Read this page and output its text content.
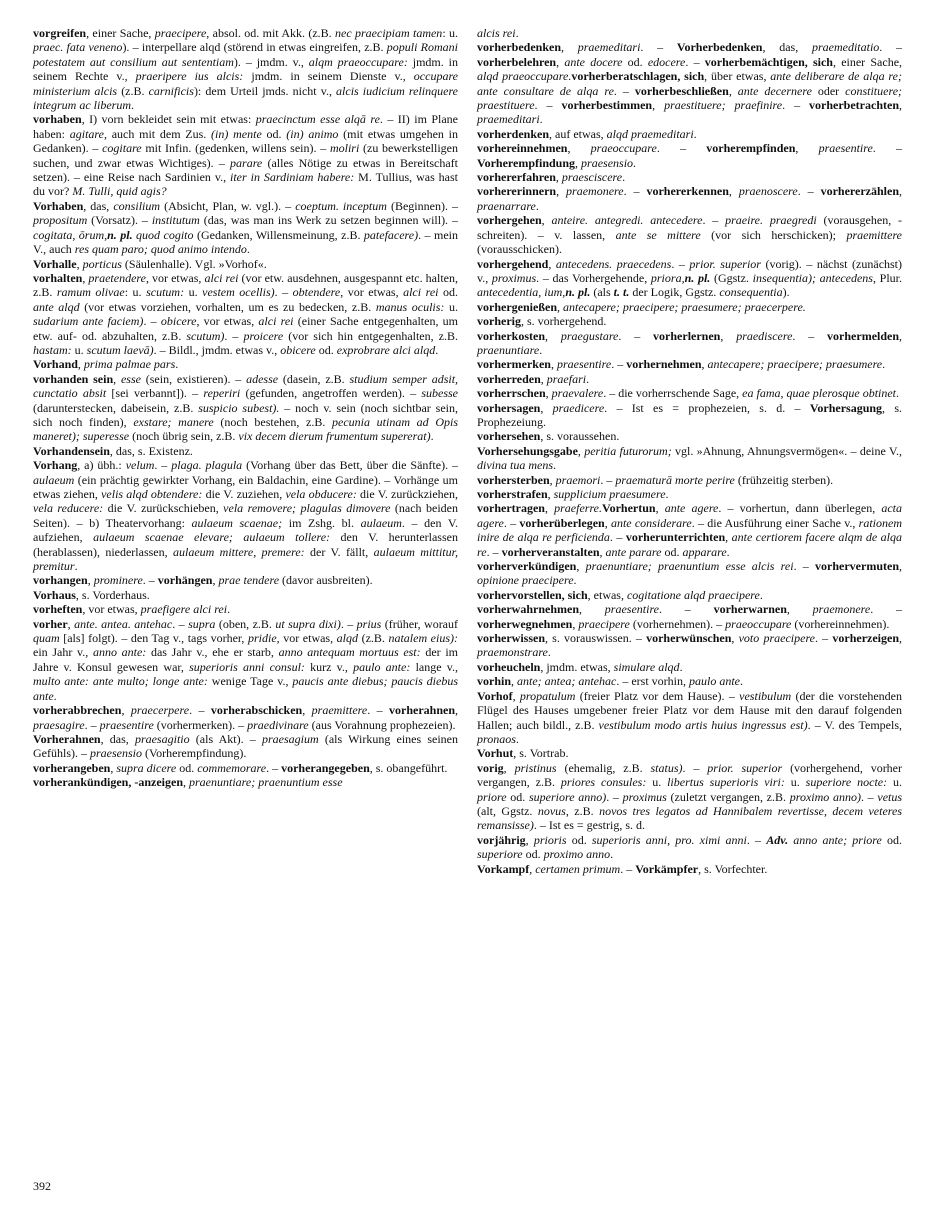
vorgreifen, einer Sache, praecipere, absol. od. mit Akk. (z.B. nec praecipiam tamen: u. praec. fata veneno). – interpellare alqd (störend in etwas eingreifen, z.B. populi Romani potestatem aut consilium aut sententiam). – jmdm. v., alqm praeoccupare: jmdm. in seinem Rechte v., praeripere ius alcis: jmdm. in seinem Dienste v., occupare ministerium alcis (z.B. carnificis): dem Urteil jmds. nicht v., alcis iudicium relinquere integrum ac liberum.

vorhaben, I) vorn bekleidet sein mit etwas: praecinctum esse alqā re. – II) im Plane haben: agitare, auch mit dem Zus. (in) mente od. (in) animo (mit etwas umgehen in Gedanken). – cogitare mit Infin. (gedenken, willens sein). – moliri (zu bewerkstelligen suchen, und zwar etwas Wichtiges). – parare (alles Nötige zu etwas in Bereitschaft setzen). – eine Reise nach Sardinien v., iter in Sardiniam habere: M. Tullius, was hast du vor? M. Tulli, quid agis?

Vorhaben, das, consilium (Absicht, Plan, w. vgl.). – coeptum. inceptum (Beginnen). – propositum (Vorsatz). – institutum (das, was man ins Werk zu setzen beginnen will). – cogitata, ōrum,n. pl. quod cogito (Gedanken, Willensmeinung, z.B. patefacere). – mein V., auch res quam paro; quod animo intendo.

Vorhalle, porticus (Säulenhalle). Vgl. »Vorhof«.

vorhalten, praetendere, vor etwas, alci rei (vor etw. ausdehnen, ausgespannt etc. halten, z.B. ramum olivae: u. scutum: u. vestem ocellis). – obtendere, vor etwas, alci rei od. ante alqd (vor etwas vorziehen, vorhalten, um es zu bedecken, z.B. manus oculis: u. sudarium ante faciem). – obicere, vor etwas, alci rei (einer Sache entgegenhalten, um etw. auf- od. abzuhalten, z.B. scutum). – proicere (vor sich hin entgegenhalten, z.B. hastam: u. scutum laevā). – Bildl., jmdm. etwas v., obicere od. exprobrare alci alqd.

Vorhand, prima palmae pars.

vorhanden sein, esse (sein, existieren). – adesse (dasein, z.B. studium semper adsit, cunctatio absit [sei verbannt]). – reperiri (gefunden, angetroffen werden). – subesse (darunterstecken, dabeisein, z.B. suspicio subest). – noch v. sein (noch sichtbar sein, sich noch finden), exstare; manere (noch bestehen, z.B. pecunia utinam ad Opis maneret); superesse (noch übrig sein, z.B. vix decem dierum frumentum supererat).

Vorhandensein, das, s. Existenz.

Vorhang, a) übh.: velum. – plaga. plagula (Vorhang über das Bett, über die Sänfte). – aulaeum (ein prächtig gewirkter Vorhang, ein Baldachin, eine Gardine). – Vorhänge um etwas ziehen, velis alqd obtendere: die V. zuziehen, vela obducere: die V. zurückziehen, vela reducere: die V. zurückschieben, vela removere; plagulas dimovere (nach beiden Seiten). – b) Theatervorhang: aulaeum scaenae; im Zshg. bl. aulaeum. – den V. aufziehen, aulaeum scaenae elevare; aulaeum tollere: den V. herunterlassen (herablassen), niederlassen, aulaeum mittere, premere: der V. fällt, aulaeum mittitur, premitur.

vorhangen, prominere. – vorhängen, prae tendere (davor ausbreiten).

Vorhaus, s. Vorderhaus.

vorheften, vor etwas, praefigere alci rei.

vorher, ante. antea. antehac. – supra (oben, z.B. ut supra dixi). – prius (früher, worauf quam [als] folgt). – den Tag v., tags vorher, pridie, vor etwas, alqd (z.B. natalem eius): ein Jahr v., anno ante: das Jahr v., ehe er starb, anno antequam mortuus est: der im Jahre v. Konsul gewesen war, superioris anni consul: kurz v., paulo ante: lange v., multo ante: ante multo; longe ante: wenige Tage v., paucis ante diebus; paucis diebus ante.

vorherabbrechen, praecerpere. – vorherabschicken, praemittere. – vorherahnen, praesagire. – praesentire (vorhermerken). – praedivinare (aus Vorahnung prophezeien).

Vorherahnen, das, praesagitio (als Akt). – praesagium (als Wirkung eines seinen Gefühls). – praesensio (Vorherempfindung).

vorherangeben, supra dicere od. commemorare. – vorherangegeben, s. obangeführt.

vorherankündigen, -anzeigen, praenuntiare; praenuntium esse

alcis rei.

vorherbedenken, praemeditari. – Vorherbedenken, das, praemeditatio. – vorherbelehren, ante docere od. edocere. – vorherbemächtigen, sich, einer Sache, alqd praeoccupare.vorherberatschlagen, sich, über etwas, ante deliberare de alqa re; ante consultare de alqa re. – vorherbeschließen, ante decernere oder constituere; praestituere. – vorherbestimmen, praestituere; praefinire. – vorherbetrachten, praemeditari.

vorherdenken, auf etwas, alqd praemeditari.

vorhereinnehmen, praeoccupare. – vorherempfinden, praesentire. – Vorherempfindung, praesensio.

vorhererfahren, praesciscere.

vorhererinnern, praemonere. – vorhererkennen, praenoscere. – vorhererzählen, praenarrare.

vorhergehen, anteire. antegredi. antecedere. – praeire. praegredi (vorausgehen, -schreiten). – v. lassen, ante se mittere (vor sich herschicken); praemittere (vorausschicken).

vorhergehend, antecedens. praecedens. – prior. superior (vorig). – nächst (zunächst) v., proximus. – das Vorhergehende, priora,n. pl. (Ggstz. insequentia); antecedens, Plur. antecedentia, ium,n. pl. (als t. t. der Logik, Ggstz. consequentia).

vorhergenießen, antecapere; praecipere; praesumere; praecerpere.

vorherig, s. vorhergehend.

vorherkosten, praegustare. – vorherlernen, praediscere. – vorhermelden, praenuntiare.

vorhermerken, praesentire. – vorhernehmen, antecapere; praecipere; praesumere.

vorherreden, praefari.

vorherrschen, praevalere. – die vorherrschende Sage, ea fama, quae plerosque obtinet.

vorhersagen, praedicere. – Ist es = prophezeien, s. d. – Vorhersagung, s. Prophezeiung.

vorhersehen, s. voraussehen.

Vorhersehungsgabe, peritia futurorum; vgl. »Ahnung, Ahnungsvermögen«. – deine V., divina tua mens.

vorhersterben, praemori. – praematurā morte perire (frühzeitig sterben).

vorherstrafen, supplicium praesumere.

vorhertragen, praeferre.Vorhertun, ante agere. – vorhertun, dann überlegen, acta agere. – vorherüberlegen, ante considerare. – die Ausführung einer Sache v., rationem inire de alqa re perficienda. – vorherunterrichten, ante certiorem facere alqm de alqa re. – vorherveranstalten, ante parare od. apparare.

vorherverkündigen, praenuntiare; praenuntium esse alcis rei. – vorhervermuten, opinione praecipere.

vorhervorstellen, sich, etwas, cogitatione alqd praecipere.

vorherwahrnehmen, praesentire. – vorherwarnen, praemonere. – vorherwegnehmen, praecipere (vorhernehmen). – praeoccupare (vorhereinnehmen).

vorherwissen, s. vorauswissen. – vorherwünschen, voto praecipere. – vorherzeigen, praemonstrare.

vorheucheln, jmdm. etwas, simulare alqd.

vorhin, ante; antea; antehac. – erst vorhin, paulo ante.

Vorhof, propatulum (freier Platz vor dem Hause). – vestibulum (der die vorstehenden Flügel des Hauses umgebener freier Platz vor dem Hause mit den darauf folgenden Hallen; auch bildl., z.B. vestibulum modo artis huius ingressus est). – V. des Tempels, pronaos.

Vorhut, s. Vortrab.

vorig, pristinus (ehemalig, z.B. status). – prior. superior (vorhergehend, vorher vergangen, z.B. priores consules: u. libertus superioris viri: u. superiore nocte: u. priore od. superiore anno). – proximus (zuletzt vergangen, z.B. proximo anno). – vetus (alt, Ggstz. novus, z.B. novos tres legatos ad Hannibalem revertisse, decem veteres remansisse). – Ist es = gestrig, s. d.

vorjährig, prioris od. superioris anni, pro. ximi anni. – Adv. anno ante; priore od. superiore od. proximo anno.

Vorkampf, certamen primum. – Vorkämpfer, s. Vorfechter.

392
